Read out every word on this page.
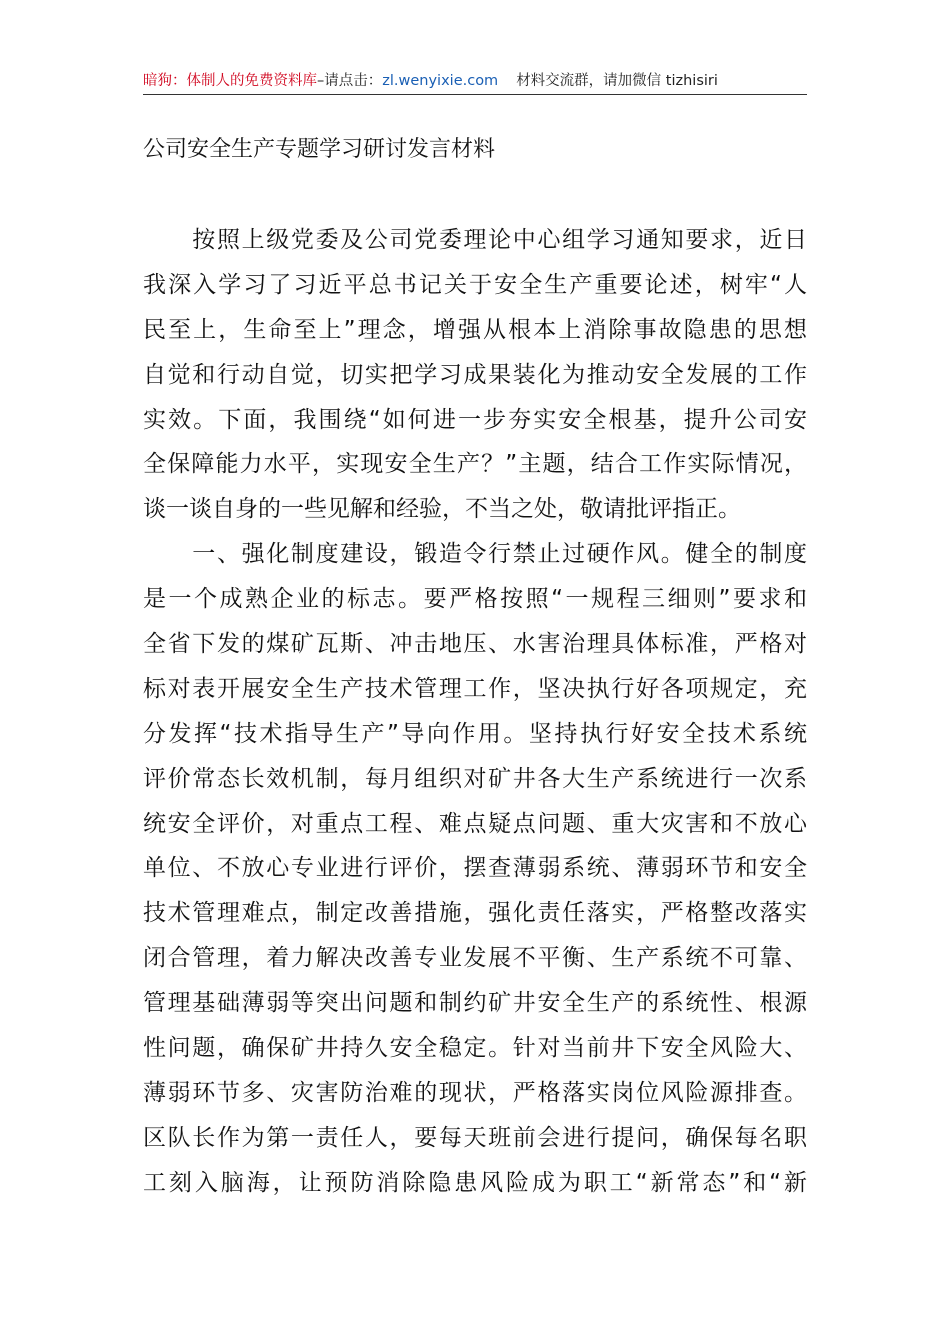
暗狗：体制人的免费资料库–请点击：zl.wenyixie.com 材料交流群，请加微信 tizhisiri
公司安全生产专题学习研讨发言材料
　　按照上级党委及公司党委理论中心组学习通知要求，近日
我深入学习了习近平总书记关于安全生产重要论述，树牢“人
民至上，生命至上”理念，增强从根本上消除事故隐患的思想
自觉和行动自觉，切实把学习成果装化为推动安全发展的工作
实效。下面，我围绕“如何进一步夯实安全根基，提升公司安
全保障能力水平，实现安全生产？”主题，结合工作实际情况，
谈一谈自身的一些见解和经验，不当之处，敬请批评指正。
　　一、强化制度建设，锻造令行禁止过硬作风。健全的制度
是一个成熟企业的标志。要严格按照“一规程三细则”要求和
全省下发的煤矿瓦斯、冲击地压、水害治理具体标准，严格对
标对表开展安全生产技术管理工作，坚决执行好各项规定，充
分发挥“技术指导生产”导向作用。坚持执行好安全技术系统
评价常态长效机制，每月组织对矿井各大生产系统进行一次系
统安全评价，对重点工程、难点疑点问题、重大灾害和不放心
单位、不放心专业进行评价，摆查薄弱系统、薄弱环节和安全
技术管理难点，制定改善措施，强化责任落实，严格整改落实
闭合管理，着力解决改善专业发展不平衡、生产系统不可靠、
管理基础薄弱等突出问题和制约矿井安全生产的系统性、根源
性问题，确保矿井持久安全稳定。针对当前井下安全风险大、
薄弱环节多、灾害防治难的现状，严格落实岗位风险源排查。
区队长作为第一责任人，要每天班前会进行提问，确保每名职
工刻入脑海，让预防消除隐患风险成为职工“新常态”和“新
